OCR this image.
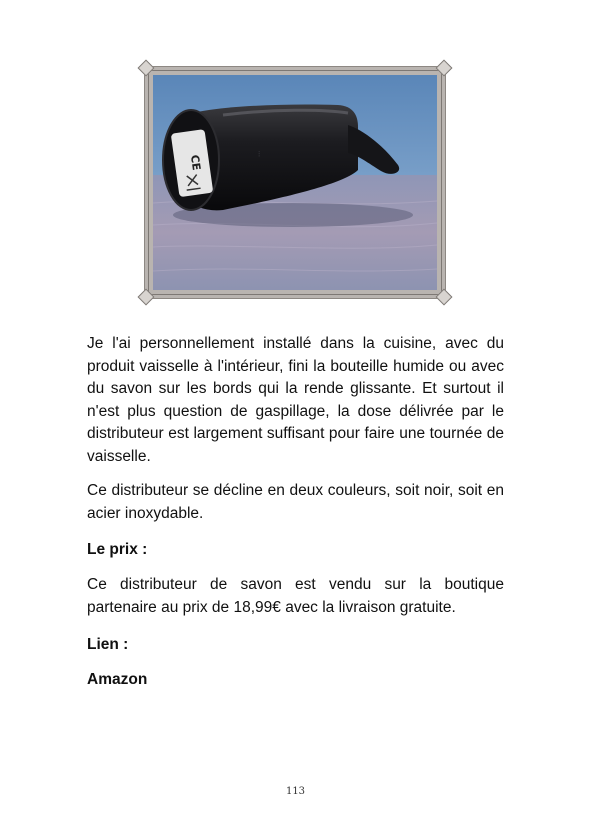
CE
⋯

Je l'ai personnellement installé dans la cuisine, avec du produit vaisselle à l'intérieur, fini la bouteille humide ou avec du savon sur les bords qui la rende glissante. Et surtout il n'est plus question de gaspillage, la dose délivrée par le distributeur est largement suffisant pour faire une tournée de vaisselle.

Ce distributeur se décline en deux couleurs, soit noir, soit en acier inoxydable.

Le prix :

Ce distributeur de savon est vendu sur la boutique partenaire au prix de 18,99€ avec la livraison gratuite.

Lien :

Amazon

113
